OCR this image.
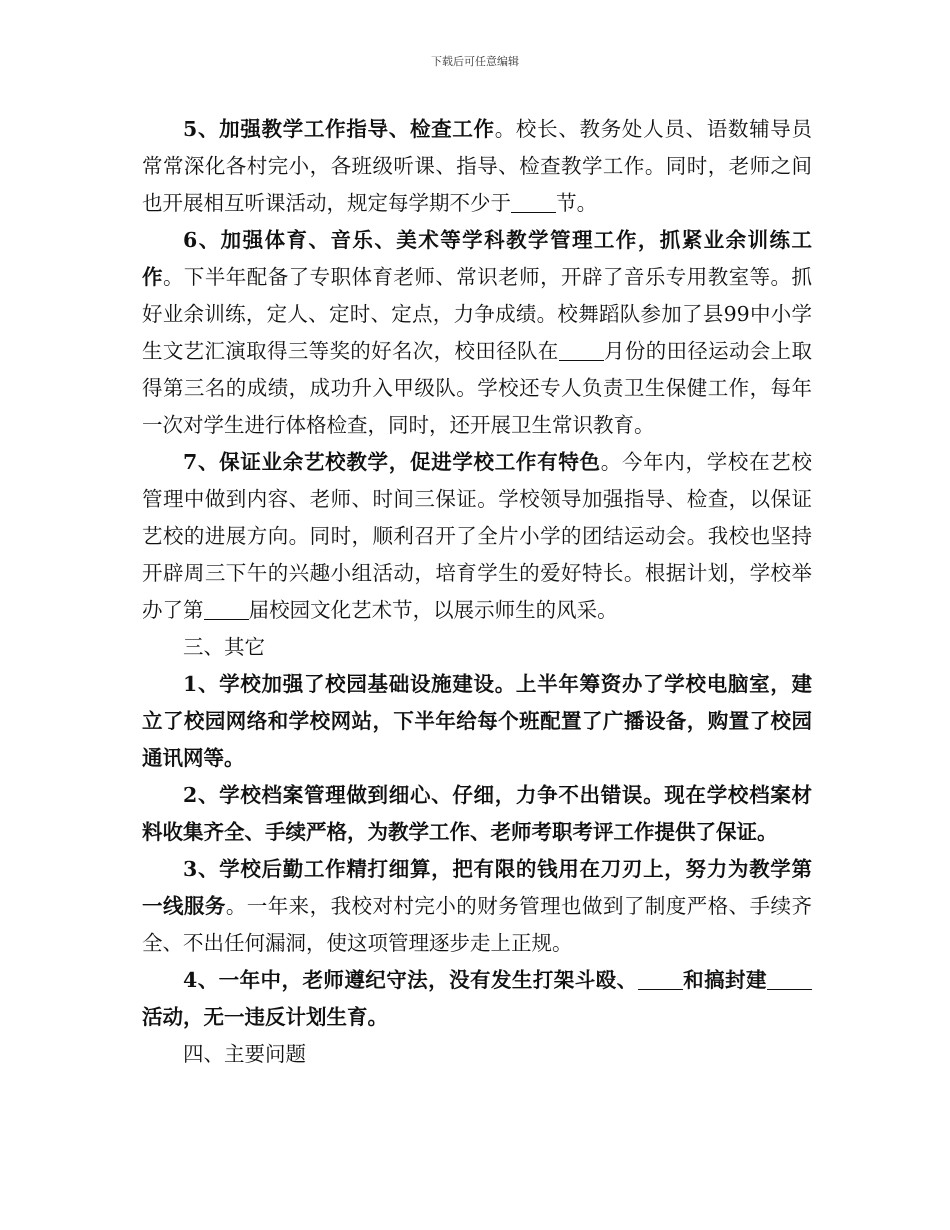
下载后可任意编辑

5、加强教学工作指导、检查工作。校长、教务处人员、语数辅导员常常深化各村完小，各班级听课、指导、检查教学工作。同时，老师之间也开展相互听课活动，规定每学期不少于 节。

6、加强体育、音乐、美术等学科教学管理工作，抓紧业余训练工作。下半年配备了专职体育老师、常识老师，开辟了音乐专用教室等。抓好业余训练，定人、定时、定点，力争成绩。校舞蹈队参加了县99中小学生文艺汇演取得三等奖的好名次，校田径队在 月份的田径运动会上取得第三名的成绩，成功升入甲级队。学校还专人负责卫生保健工作，每年一次对学生进行体格检查，同时，还开展卫生常识教育。

7、保证业余艺校教学，促进学校工作有特色。今年内，学校在艺校管理中做到内容、老师、时间三保证。学校领导加强指导、检查，以保证艺校的进展方向。同时，顺利召开了全片小学的团结运动会。我校也坚持开辟周三下午的兴趣小组活动，培育学生的爱好特长。根据计划，学校举办了第 届校园文化艺术节，以展示师生的风采。

三、其它

1、学校加强了校园基础设施建设。上半年筹资办了学校电脑室，建立了校园网络和学校网站，下半年给每个班配置了广播设备，购置了校园通讯网等。

2、学校档案管理做到细心、仔细，力争不出错误。现在学校档案材料收集齐全、手续严格，为教学工作、老师考职考评工作提供了保证。

3、学校后勤工作精打细算，把有限的钱用在刀刃上，努力为教学第一线服务。一年来，我校对村完小的财务管理也做到了制度严格、手续齐全、不出任何漏洞，使这项管理逐步走上正规。

4、一年中，老师遵纪守法，没有发生打架斗殴、 和搞封建活动，无一违反计划生育。

四、主要问题
